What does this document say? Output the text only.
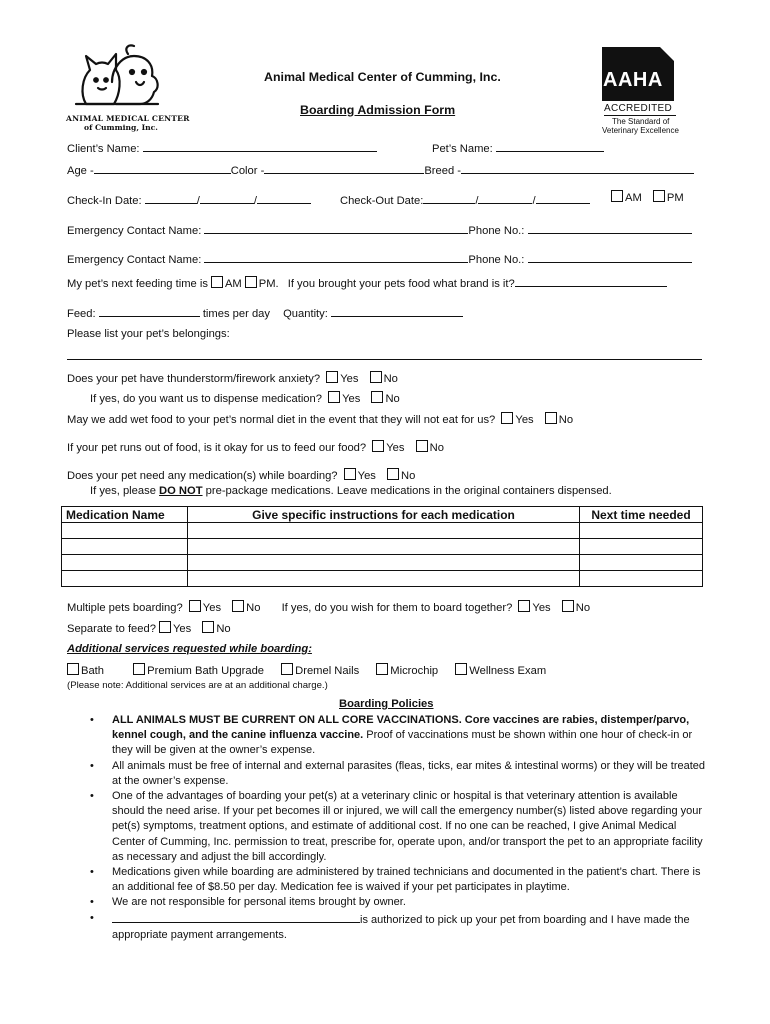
ANIMAL MEDICAL CENTER
of Cumming, Inc.
AAHA
ACCREDITED
The Standard of
Veterinary Excellence
Animal Medical Center of Cumming, Inc.
Boarding Admission Form
Client’s Name:	Pet’s Name:
Age -	Color -	Breed -
Check-In Date:	/	/	Check-Out Date:	/	/	AM PM
Emergency Contact Name:	Phone No.:
Emergency Contact Name:	Phone No.:
My pet’s next feeding time is AM PM. If you brought your pets food what brand is it?
Feed:	times per day Quantity:
Please list your pet’s belongings:
Does your pet have thunderstorm/firework anxiety? Yes No
If yes, do you want us to dispense medication? Yes No
May we add wet food to your pet’s normal diet in the event that they will not eat for us? Yes No
If your pet runs out of food, is it okay for us to feed our food? Yes No
Does your pet need any medication(s) while boarding? Yes No
If yes, please DO NOT pre-package medications. Leave medications in the original containers dispensed.
Medication Name	Give specific instructions for each medication	Next time needed

Multiple pets boarding? Yes No If yes, do you wish for them to board together? Yes No
Separate to feed? Yes No
Additional services requested while boarding:
Bath	Premium Bath Upgrade	Dremel Nails	Microchip	Wellness Exam
(Please note: Additional services are at an additional charge.)
Boarding Policies
• ALL ANIMALS MUST BE CURRENT ON ALL CORE VACCINATIONS. Core vaccines are rabies, distemper/parvo, kennel cough, and the canine influenza vaccine. Proof of vaccinations must be shown within one hour of check-in or they will be given at the owner’s expense.
• All animals must be free of internal and external parasites (fleas, ticks, ear mites & intestinal worms) or they will be treated at the owner’s expense.
• One of the advantages of boarding your pet(s) at a veterinary clinic or hospital is that veterinary attention is available should the need arise. If your pet becomes ill or injured, we will call the emergency number(s) listed above regarding your pet(s) symptoms, treatment options, and estimate of additional cost. If no one can be reached, I give Animal Medical Center of Cumming, Inc. permission to treat, prescribe for, operate upon, and/or transport the pet to an appropriate facility as necessary and adjust the bill accordingly.
• Medications given while boarding are administered by trained technicians and documented in the patient’s chart. There is an additional fee of $8.50 per day. Medication fee is waived if your pet participates in playtime.
• We are not responsible for personal items brought by owner.
•	is authorized to pick up your pet from boarding and I have made the appropriate payment arrangements.
